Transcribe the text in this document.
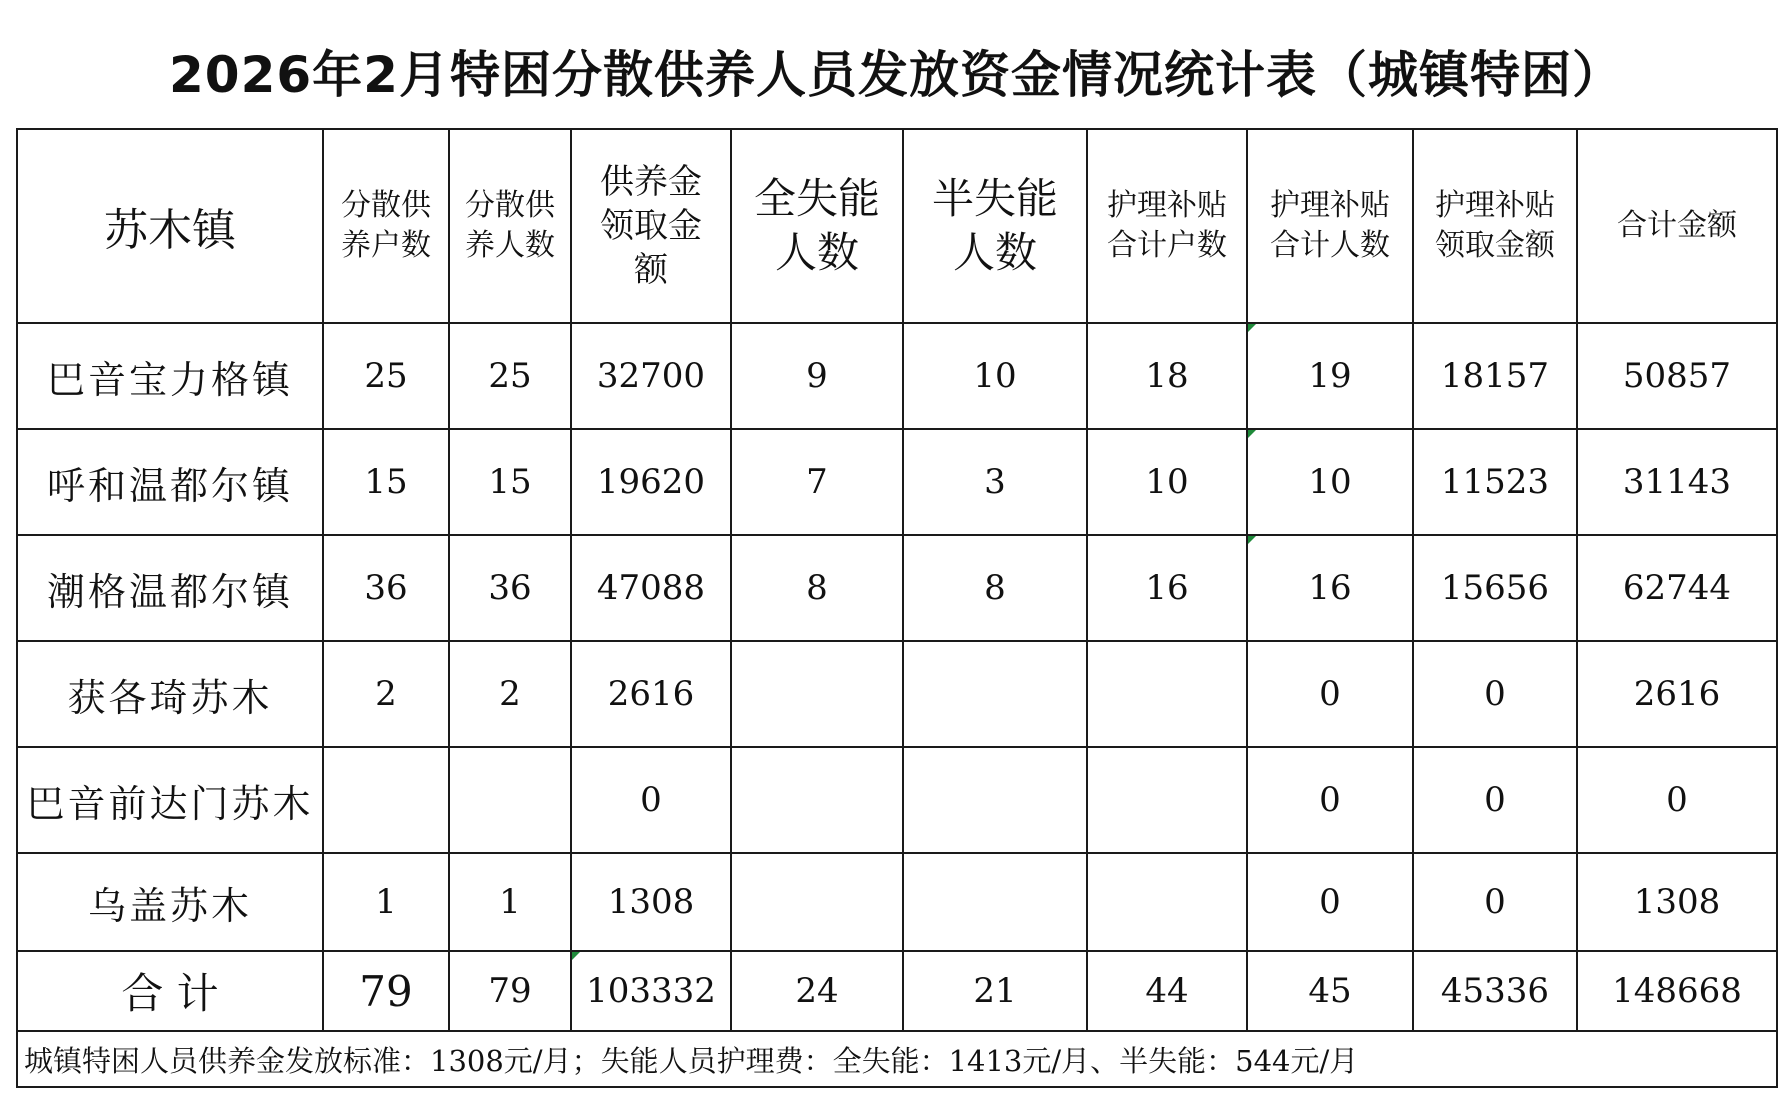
2026年2月特困分散供养人员发放资金情况统计表（城镇特困）
苏木镇	分散供养户数	分散供养人数	供养金领取金额	全失能人数	半失能人数	护理补贴合计户数	护理补贴合计人数	护理补贴领取金额	合计金额
巴音宝力格镇	25	25	32700	9	10	18	19	18157	50857
呼和温都尔镇	15	15	19620	7	3	10	10	11523	31143
潮格温都尔镇	36	36	47088	8	8	16	16	15656	62744
获各琦苏木	2	2	2616				0	0	2616
巴音前达门苏木			0				0	0	0
乌盖苏木	1	1	1308				0	0	1308
合 计	79	79	103332	24	21	44	45	45336	148668
城镇特困人员供养金发放标准：1308元/月；失能人员护理费：全失能：1413元/月、半失能：544元/月									
